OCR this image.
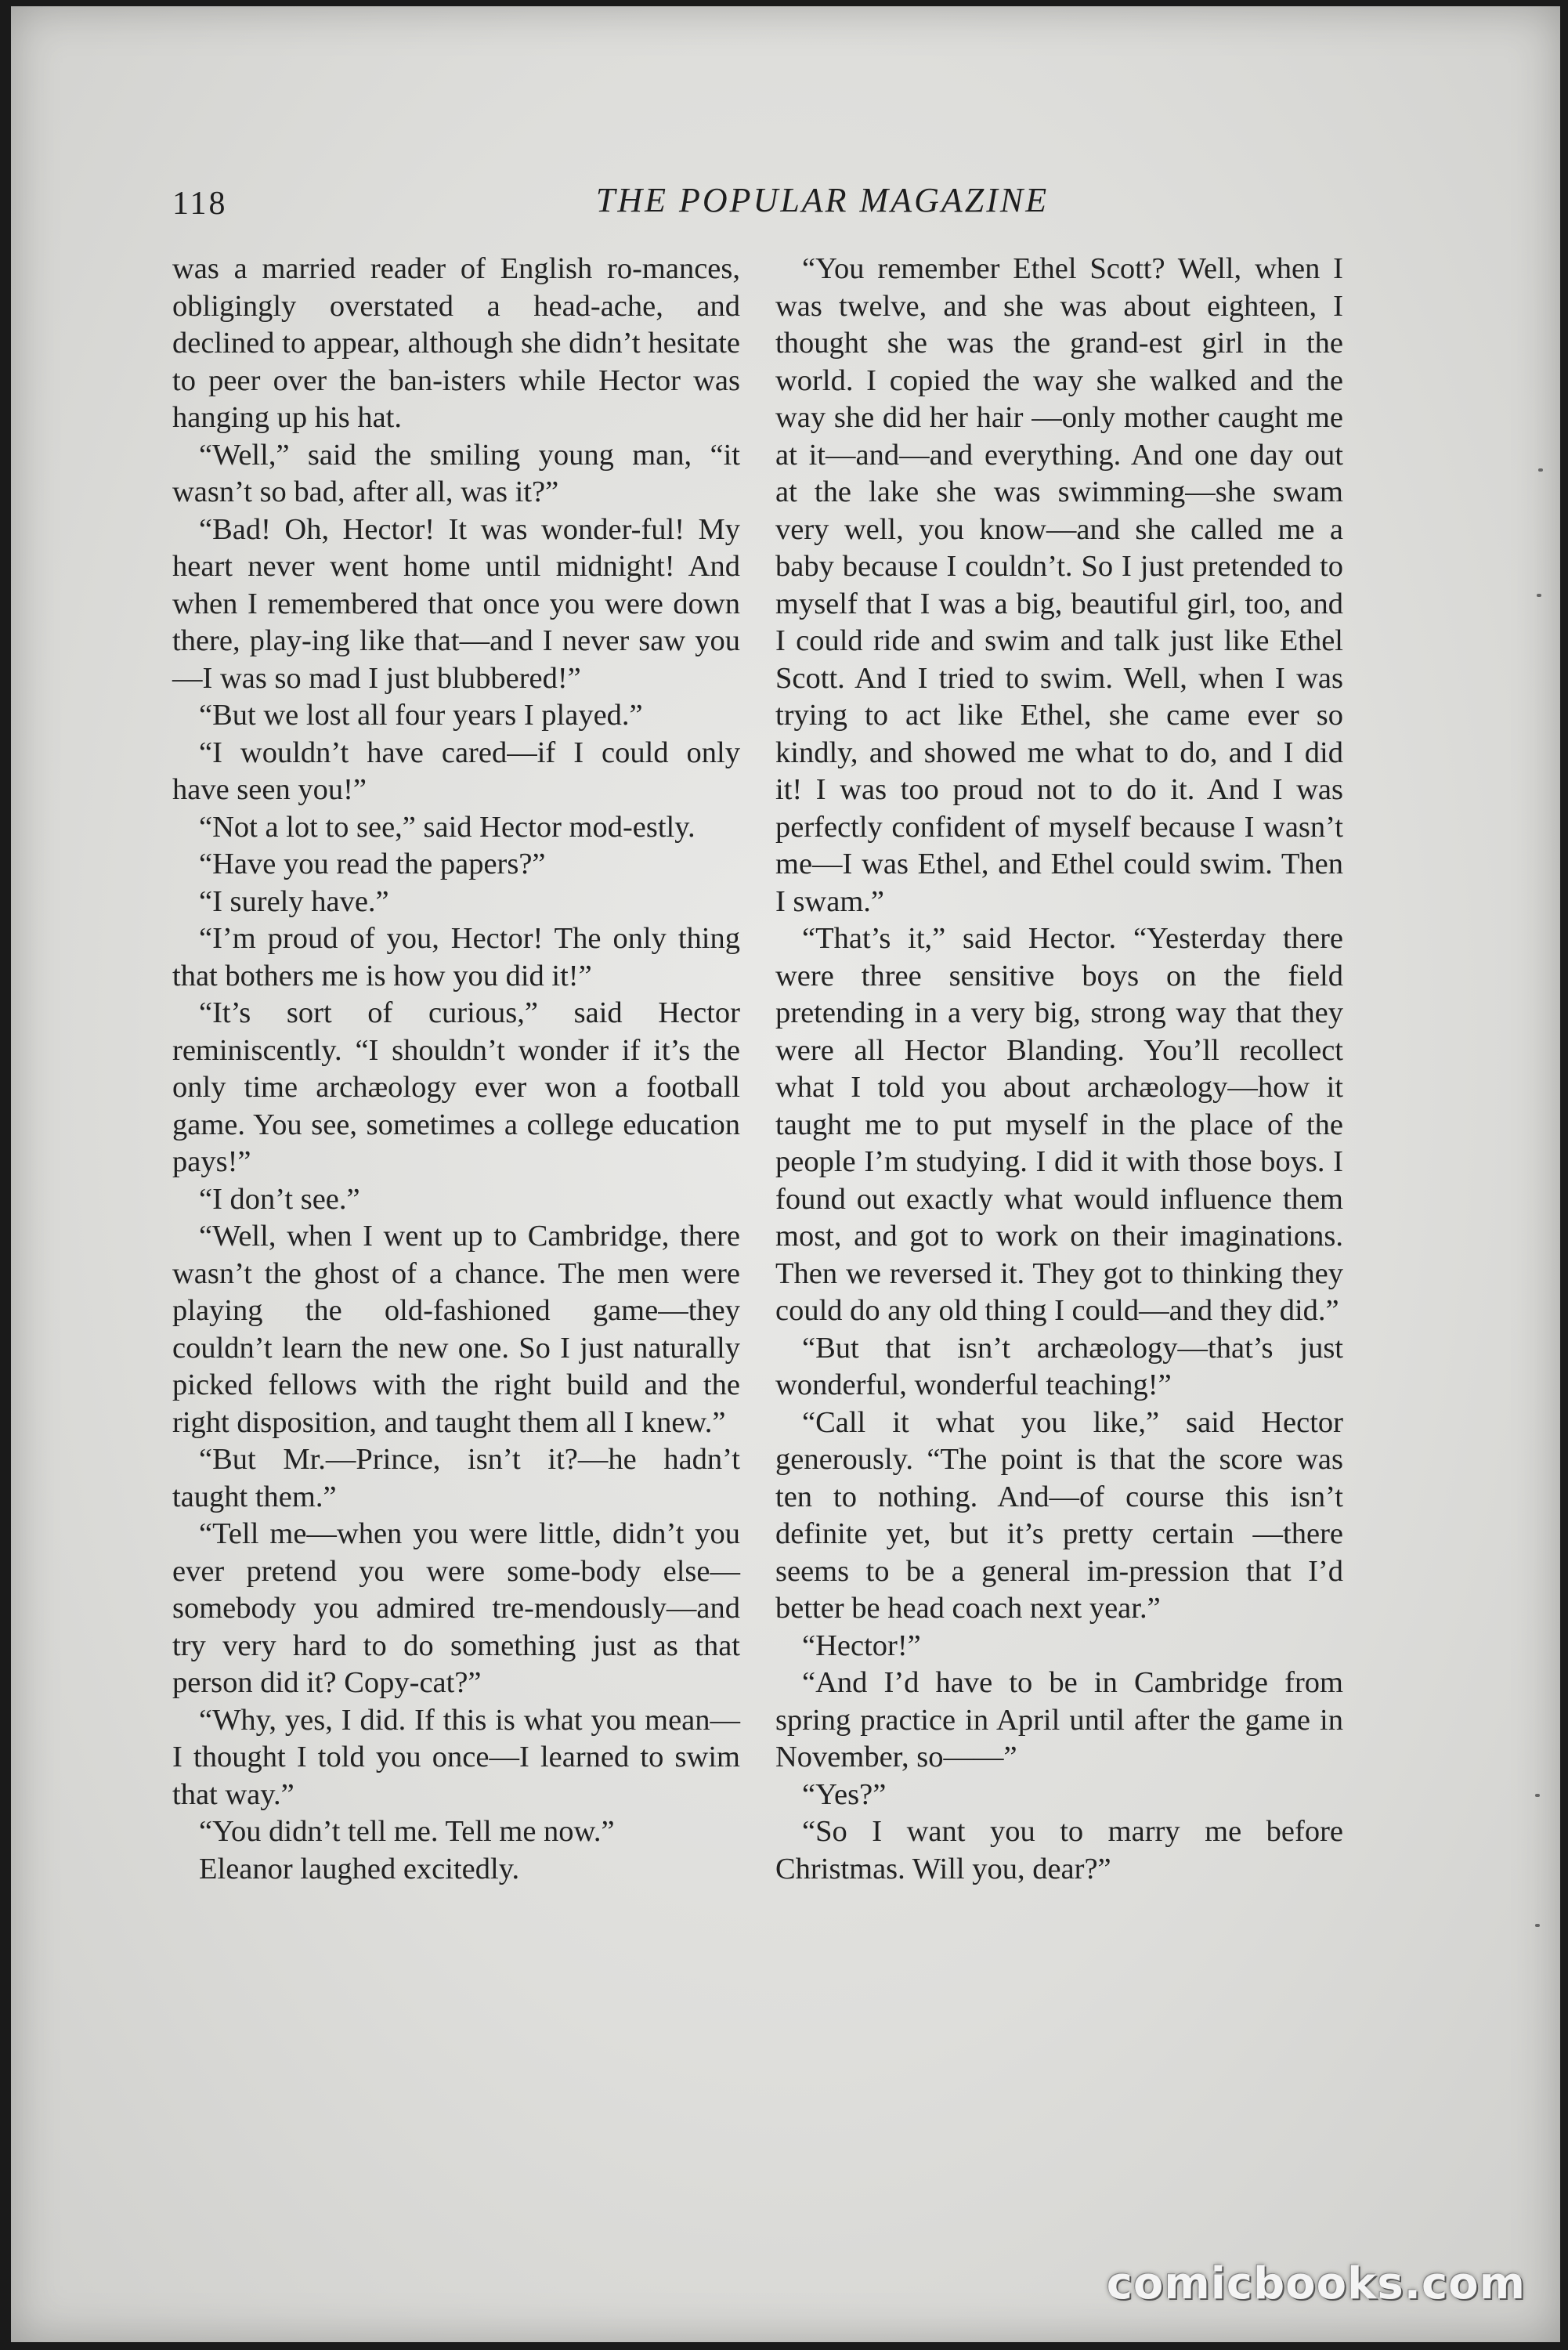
118	THE POPULAR MAGAZINE

was a married reader of English ro-mances, obligingly overstated a head-ache, and declined to appear, although she didn’t hesitate to peer over the ban-isters while Hector was hanging up his hat.

“Well,” said the smiling young man, “it wasn’t so bad, after all, was it?”

“Bad! Oh, Hector! It was wonder-ful! My heart never went home until midnight! And when I remembered that once you were down there, play-ing like that—and I never saw you—I was so mad I just blubbered!”

“But we lost all four years I played.”

“I wouldn’t have cared—if I could only have seen you!”

“Not a lot to see,” said Hector mod-estly.

“Have you read the papers?”

“I surely have.”

“I’m proud of you, Hector! The only thing that bothers me is how you did it!”

“It’s sort of curious,” said Hector reminiscently. “I shouldn’t wonder if it’s the only time archæology ever won a football game. You see, sometimes a college education pays!”

“I don’t see.”

“Well, when I went up to Cambridge, there wasn’t the ghost of a chance. The men were playing the old-fashioned game—they couldn’t learn the new one. So I just naturally picked fellows with the right build and the right disposition, and taught them all I knew.”

“But Mr.—Prince, isn’t it?—he hadn’t taught them.”

“Tell me—when you were little, didn’t you ever pretend you were some-body else—somebody you admired tre-mendously—and try very hard to do something just as that person did it? Copy-cat?”

“Why, yes, I did. If this is what you mean—I thought I told you once—I learned to swim that way.”

“You didn’t tell me. Tell me now.”

Eleanor laughed excitedly.

“You remember Ethel Scott? Well, when I was twelve, and she was about eighteen, I thought she was the grand-est girl in the world. I copied the way she walked and the way she did her hair —only mother caught me at it—and—and everything. And one day out at the lake she was swimming—she swam very well, you know—and she called me a baby because I couldn’t. So I just pretended to myself that I was a big, beautiful girl, too, and I could ride and swim and talk just like Ethel Scott. And I tried to swim. Well, when I was trying to act like Ethel, she came ever so kindly, and showed me what to do, and I did it! I was too proud not to do it. And I was perfectly confident of myself because I wasn’t me—I was Ethel, and Ethel could swim. Then I swam.”

“That’s it,” said Hector. “Yesterday there were three sensitive boys on the field pretending in a very big, strong way that they were all Hector Blanding. You’ll recollect what I told you about archæology—how it taught me to put myself in the place of the people I’m studying. I did it with those boys. I found out exactly what would influence them most, and got to work on their imaginations. Then we reversed it. They got to thinking they could do any old thing I could—and they did.”

“But that isn’t archæology—that’s just wonderful, wonderful teaching!”

“Call it what you like,” said Hector generously. “The point is that the score was ten to nothing. And—of course this isn’t definite yet, but it’s pretty certain —there seems to be a general im-pression that I’d better be head coach next year.”

“Hector!”

“And I’d have to be in Cambridge from spring practice in April until after the game in November, so——”

“Yes?”

“So I want you to marry me before Christmas. Will you, dear?”

comicbooks.com
